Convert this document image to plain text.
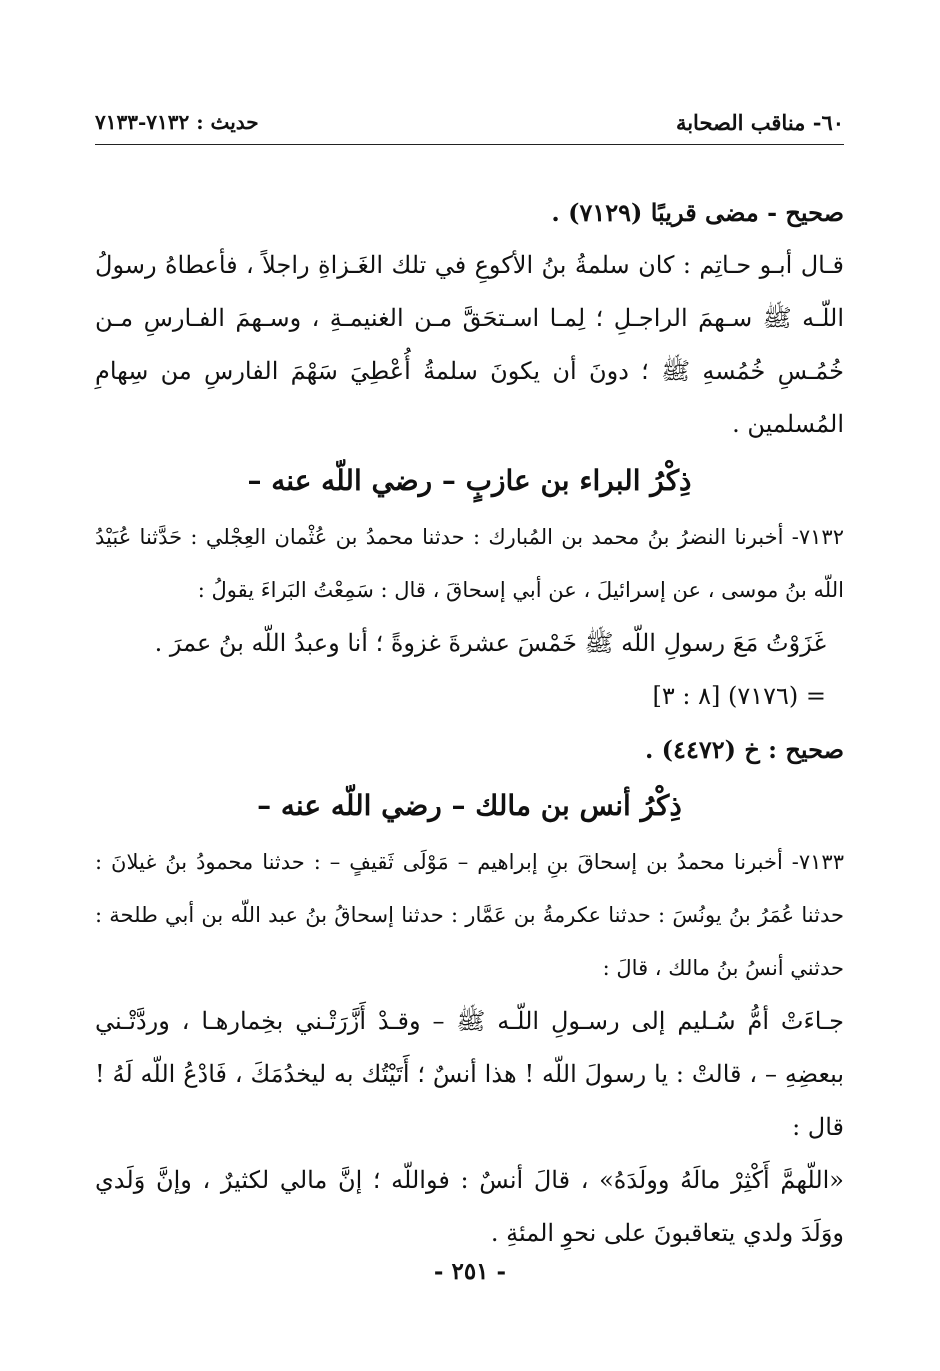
٦٠- مناقب الصحابة
حديث : ٧١٣٢-٧١٣٣

صحيح - مضى قريبًا (٧١٢٩) .

قـال أبـو حـاتِم : كان سلمةُ بنُ الأكوعِ في تلك الغَـزاةِ راجلاً ، فأعطاهُ رسولُ اللّـه ﷺ سـهمَ الراجـلِ ؛ لِمـا اسـتحَقَّ مـن الغنيمـةِ ، وسـهمَ الفـارسِ مـن خُمُـسِ خُمُسهِ ﷺ ؛ دونَ أن يكونَ سلمةُ أُعْطِيَ سَهْمَ الفارسِ من سِهامِ المُسلمين .

ذِكْرُ البراء بن عازبٍ – رضي اللّه عنه –

٧١٣٢- أخبرنا النضرُ بنُ محمد بن المُبارك : حدثنا محمدُ بن عُثْمان العِجْلي : حَدَّثنا عُبَيْدُ اللّه بنُ موسى ، عن إسرائيلَ ، عن أبي إسحاقَ ، قال : سَمِعْتُ البَراءَ يقولُ :

غَزَوْتُ مَعَ رسولِ اللّه ﷺ خَمْسَ عشرةَ غزوةً ؛ أنا وعبدُ اللّه بنُ عمرَ .

= (٧١٧٦) [٨ : ٣]

صحيح : خ (٤٤٧٢) .

ذِكْرُ أنس بن مالك – رضي اللّه عنه –

٧١٣٣- أخبرنا محمدُ بن إسحاقَ بنِ إبراهيم – مَوْلَى ثَقيفٍ – : حدثنا محمودُ بنُ غيلانَ : حدثنا عُمَرُ بنُ يونُسَ : حدثنا عكرمةُ بن عَمَّار : حدثنا إسحاقُ بنُ عبد اللّه بن أبي طلحة : حدثني أنسُ بنُ مالك ، قالَ :

جـاءَتْ أمُّ سُـليم إلى رسـولِ اللّـه ﷺ – وقـدْ أَزَّرَتْـني بخِمارهـا ، وردَّتْـني ببعضِهِ – ، قالتْ : يا رسولَ اللّه ! هذا أنسٌ ؛ أَتَيْتُك به ليخدُمَكَ ، فَادْعُ اللّه لَهُ ! قال :

«اللّهمَّ أَكْثِرْ مالَهُ وولَدَهُ» ، قالَ أنسٌ : فواللّه ؛ إنَّ مالي لكثيرٌ ، وإنَّ وَلَدي ووَلَدَ ولدي يتعاقبونَ على نحوِ المئةِ .

- ٢٥١ -
